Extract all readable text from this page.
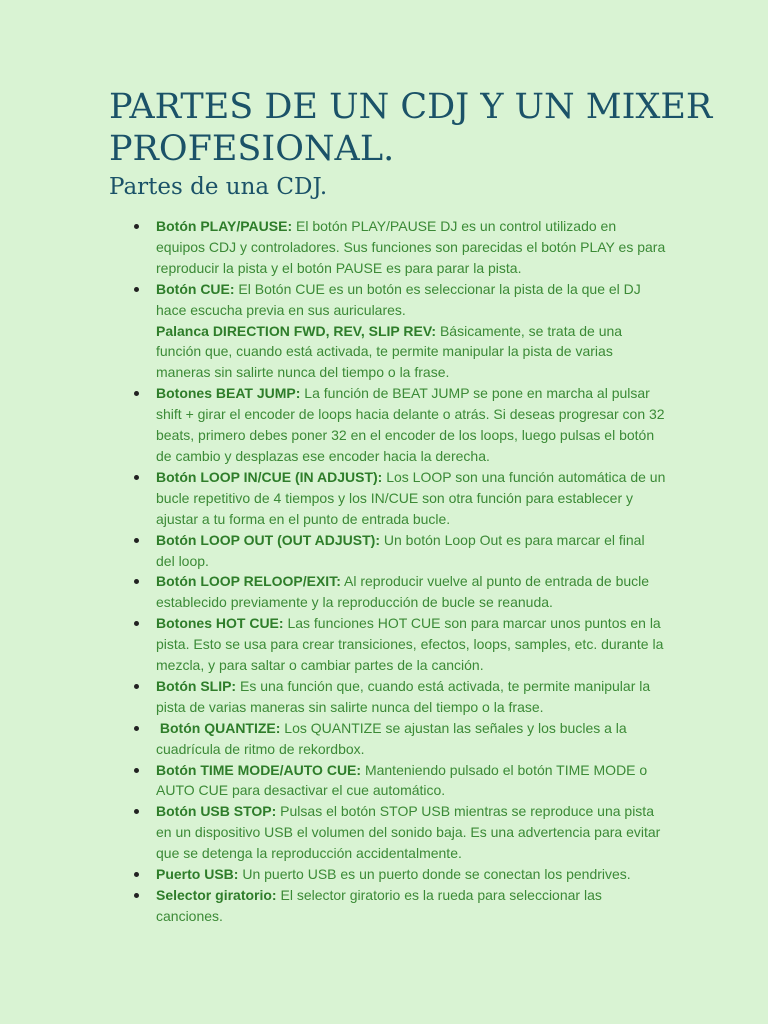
PARTES DE UN CDJ Y UN MIXER PROFESIONAL.
Partes de una CDJ.
Botón PLAY/PAUSE: El botón PLAY/PAUSE DJ es un control utilizado en equipos CDJ y controladores. Sus funciones son parecidas el botón PLAY es para reproducir la pista y el botón PAUSE es para parar la pista.
Botón CUE: El Botón CUE es un botón es seleccionar la pista de la que el DJ hace escucha previa en sus auriculares.
Palanca DIRECTION FWD, REV, SLIP REV: Básicamente, se trata de una función que, cuando está activada, te permite manipular la pista de varias maneras sin salirte nunca del tiempo o la frase.
Botones BEAT JUMP: La función de BEAT JUMP se pone en marcha al pulsar shift + girar el encoder de loops hacia delante o atrás. Si deseas progresar con 32 beats, primero debes poner 32 en el encoder de los loops, luego pulsas el botón de cambio y desplazas ese encoder hacia la derecha.
Botón LOOP IN/CUE (IN ADJUST): Los LOOP son una función automática de un bucle repetitivo de 4 tiempos y los IN/CUE son otra función para establecer y ajustar a tu forma en el punto de entrada bucle.
Botón LOOP OUT (OUT ADJUST): Un botón Loop Out es para marcar el final del loop.
Botón LOOP RELOOP/EXIT: Al reproducir vuelve al punto de entrada de bucle establecido previamente y la reproducción de bucle se reanuda.
Botones HOT CUE: Las funciones HOT CUE son para marcar unos puntos en la pista. Esto se usa para crear transiciones, efectos, loops, samples, etc. durante la mezcla, y para saltar o cambiar partes de la canción.
Botón SLIP: Es una función que, cuando está activada, te permite manipular la pista de varias maneras sin salirte nunca del tiempo o la frase.
Botón QUANTIZE: Los QUANTIZE se ajustan las señales y los bucles a la cuadrícula de ritmo de rekordbox.
Botón TIME MODE/AUTO CUE: Manteniendo pulsado el botón TIME MODE o AUTO CUE para desactivar el cue automático.
Botón USB STOP: Pulsas el botón STOP USB mientras se reproduce una pista en un dispositivo USB el volumen del sonido baja. Es una advertencia para evitar que se detenga la reproducción accidentalmente.
Puerto USB: Un puerto USB es un puerto donde se conectan los pendrives.
Selector giratorio: El selector giratorio es la rueda para seleccionar las canciones.
